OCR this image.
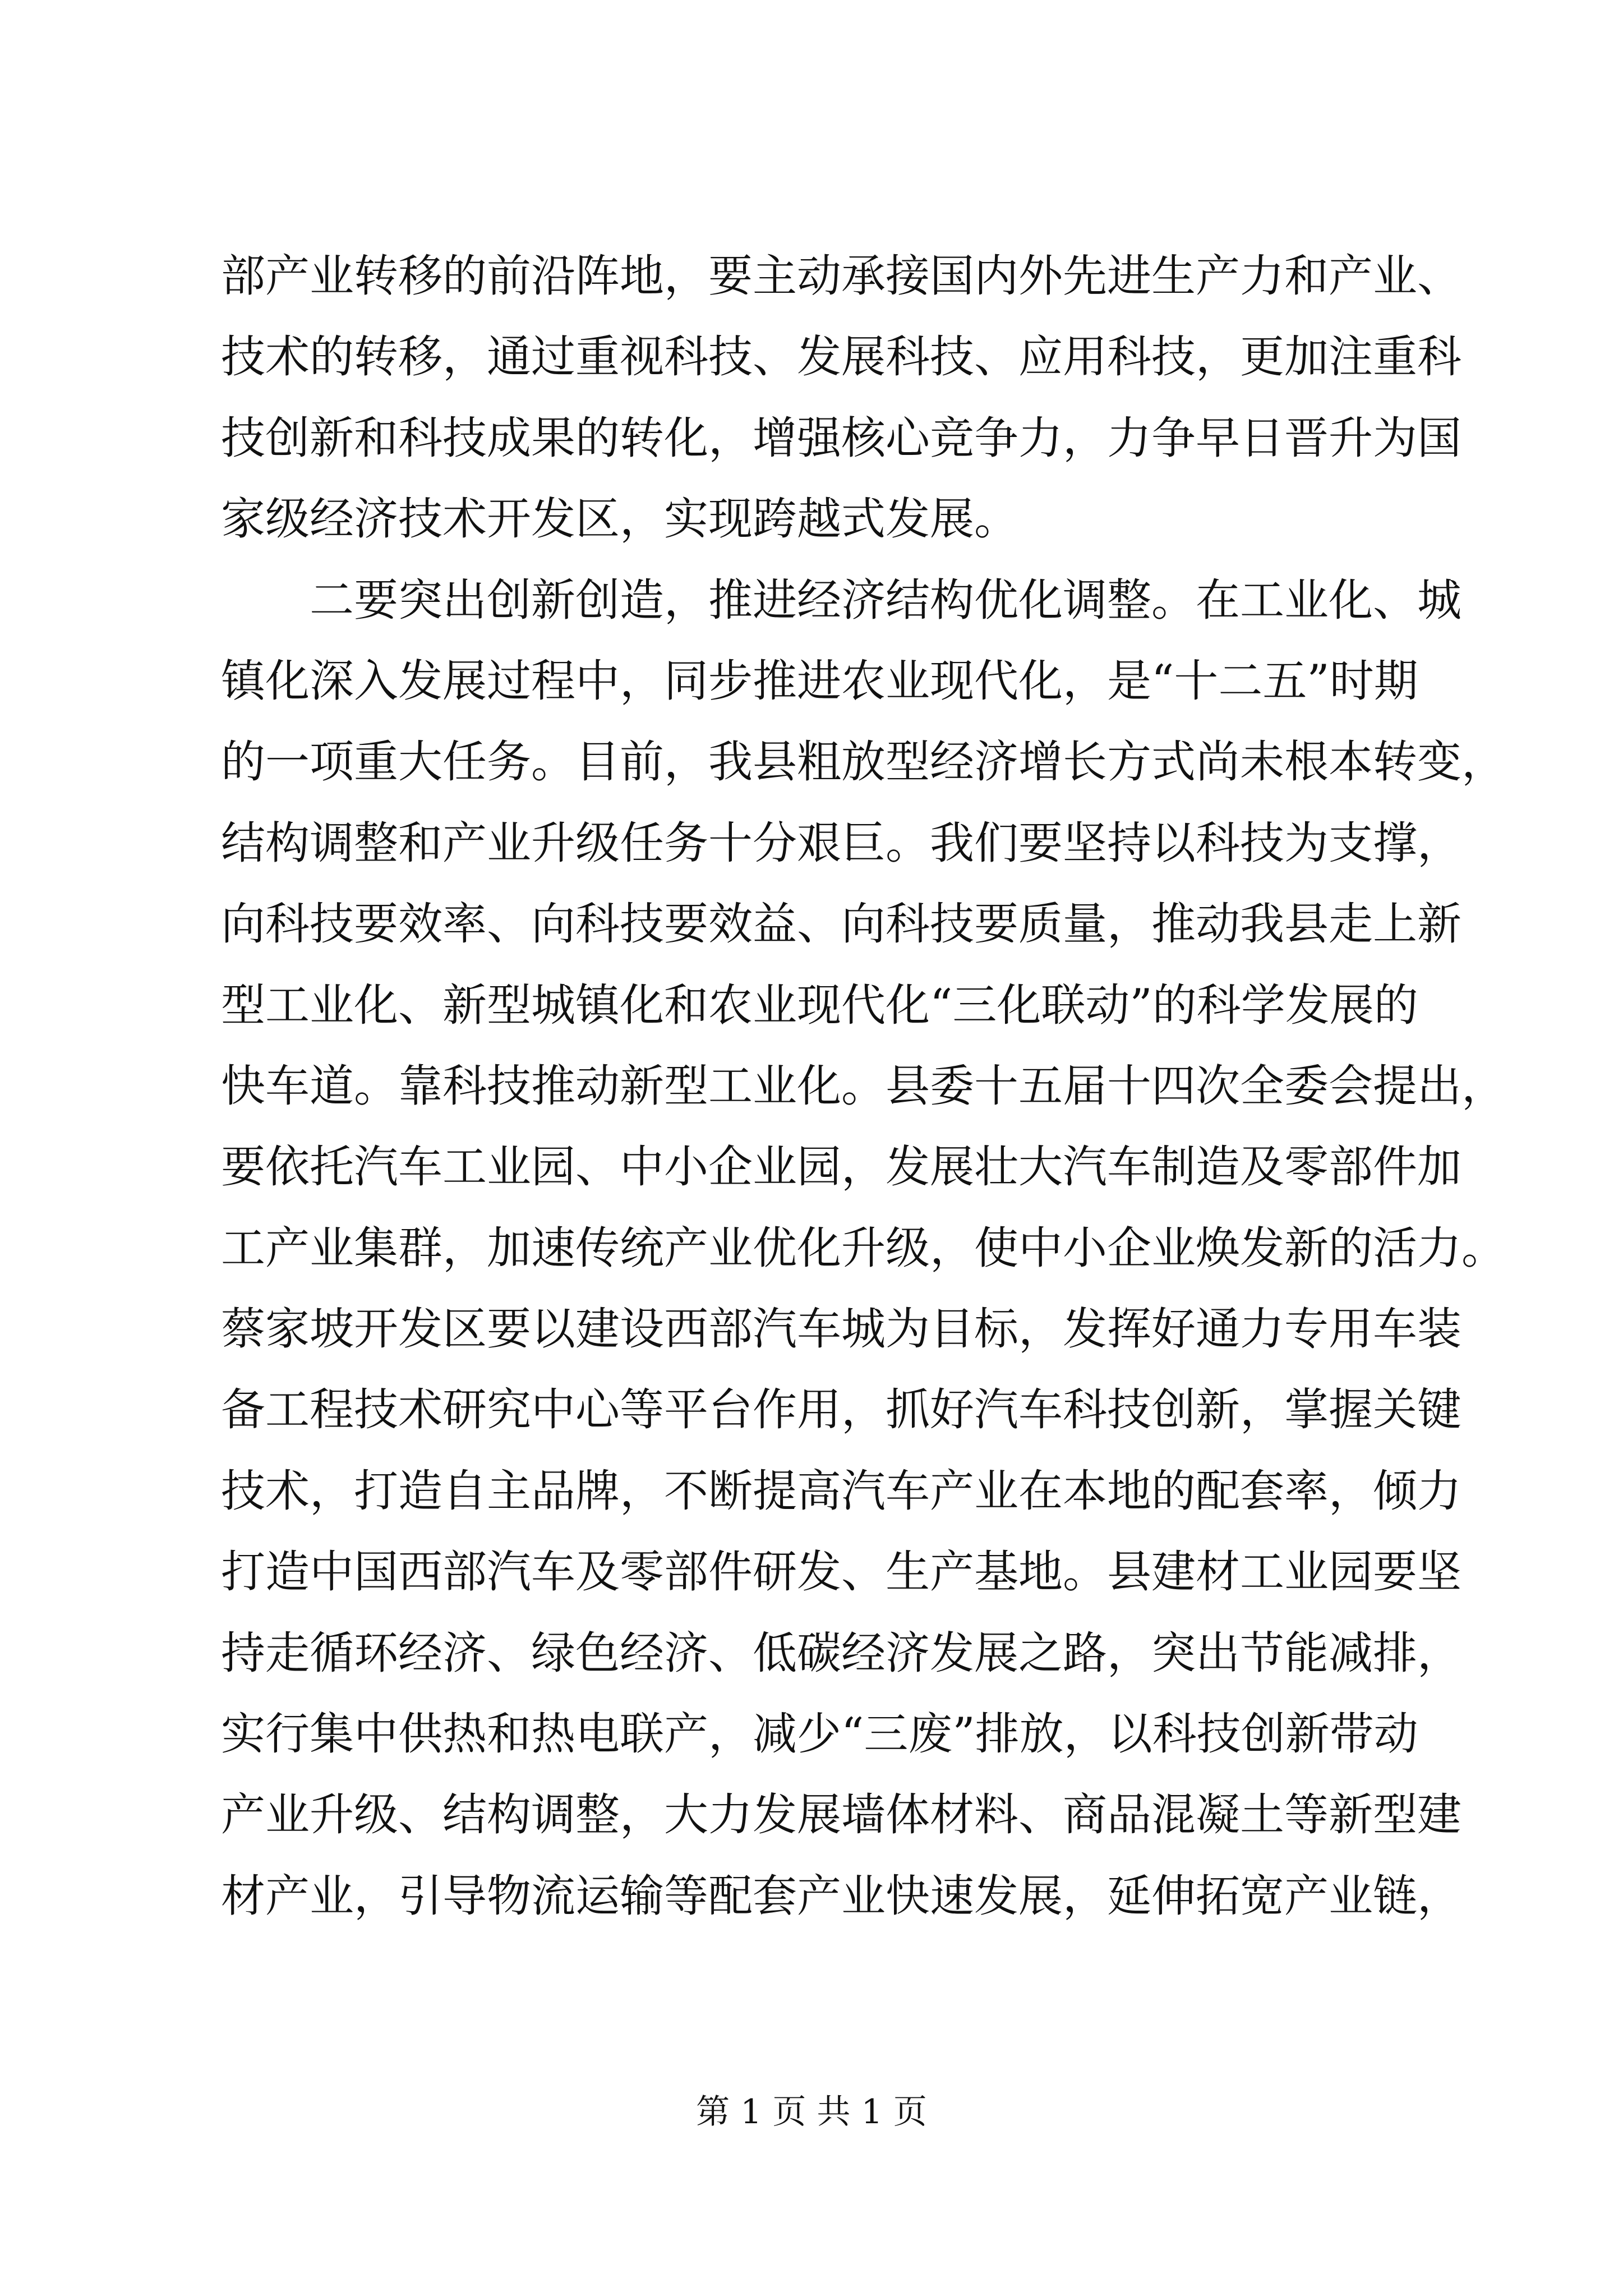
部产业转移的前沿阵地，要主动承接国内外先进生产力和产业、
技术的转移，通过重视科技、发展科技、应用科技，更加注重科
技创新和科技成果的转化，增强核心竞争力，力争早日晋升为国
家级经济技术开发区，实现跨越式发展。
二要突出创新创造，推进经济结构优化调整。在工业化、城
镇化深入发展过程中，同步推进农业现代化，是“十二五”时期
的一项重大任务。目前，我县粗放型经济增长方式尚未根本转变，
结构调整和产业升级任务十分艰巨。我们要坚持以科技为支撑，
向科技要效率、向科技要效益、向科技要质量，推动我县走上新
型工业化、新型城镇化和农业现代化“三化联动”的科学发展的
快车道。靠科技推动新型工业化。县委十五届十四次全委会提出，
要依托汽车工业园、中小企业园，发展壮大汽车制造及零部件加
工产业集群，加速传统产业优化升级，使中小企业焕发新的活力。
蔡家坡开发区要以建设西部汽车城为目标，发挥好通力专用车装
备工程技术研究中心等平台作用，抓好汽车科技创新，掌握关键
技术，打造自主品牌，不断提高汽车产业在本地的配套率，倾力
打造中国西部汽车及零部件研发、生产基地。县建材工业园要坚
持走循环经济、绿色经济、低碳经济发展之路，突出节能减排，
实行集中供热和热电联产，减少“三废”排放，以科技创新带动
产业升级、结构调整，大力发展墙体材料、商品混凝土等新型建
材产业，引导物流运输等配套产业快速发展，延伸拓宽产业链，
第 1 页 共 1 页
